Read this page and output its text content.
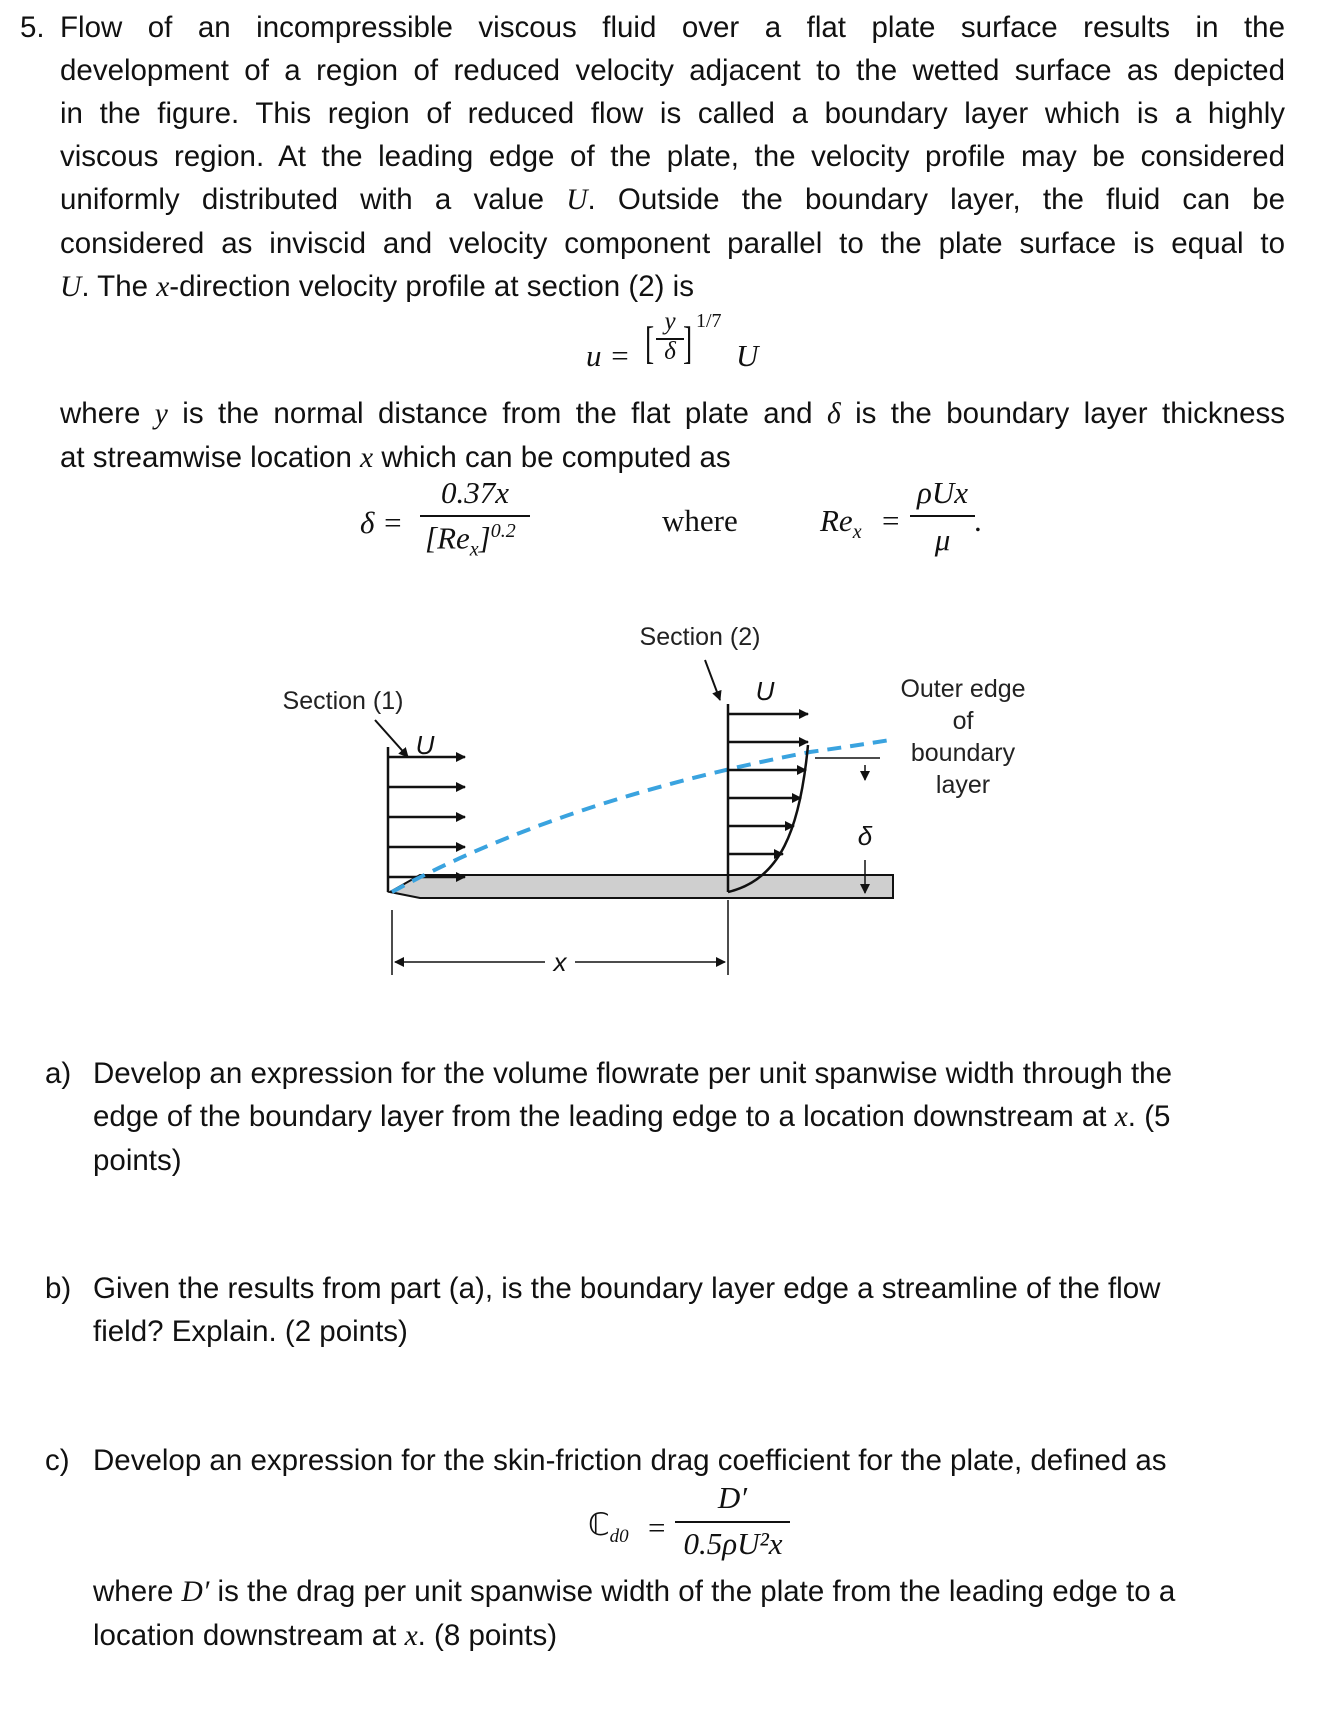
5. Flow of an incompressible viscous fluid over a flat plate surface results in the
development of a region of reduced velocity adjacent to the wetted surface as depicted
in the figure. This region of reduced flow is called a boundary layer which is a highly
viscous region. At the leading edge of the plate, the velocity profile may be considered
uniformly distributed with a value U. Outside the boundary layer, the fluid can be
considered as inviscid and velocity component parallel to the plate surface is equal to
U. The x-direction velocity profile at section (2) is
u = [ y
δ ] 1/7
U
where y is the normal distance from the flat plate and δ is the boundary layer thickness
at streamwise location x which can be computed as
δ =
0.37x
$[Re_x]^{0.2}$	where	$Re_x$ =
ρUx
μ
.
δ
x
Section (1)
Section (2)
U
U	Outer edge
of
boundary
layer
a) Develop an expression for the volume flowrate per unit spanwise width through the
edge of the boundary layer from the leading edge to a location downstream at x. (5
points)
b) Given the results from part (a), is the boundary layer edge a streamline of the flow
field? Explain. (2 points)
c) Develop an expression for the skin-friction drag coefficient for the plate, defined as
ℂ$_{d0}$ =
D′
0.5ρU²x
where D′ is the drag per unit spanwise width of the plate from the leading edge to a
location downstream at x. (8 points)
